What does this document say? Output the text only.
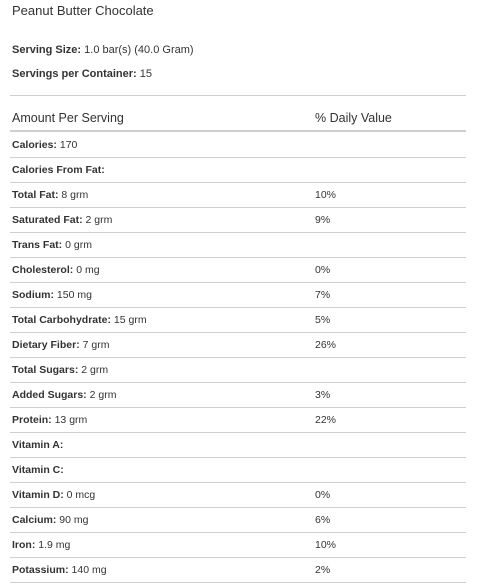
Peanut Butter Chocolate
Serving Size: 1.0 bar(s) (40.0 Gram)
Servings per Container: 15
Amount Per Serving	% Daily Value
Calories: 170
Calories From Fat:
Total Fat: 8 grm	10%
Saturated Fat: 2 grm	9%
Trans Fat: 0 grm
Cholesterol: 0 mg	0%
Sodium: 150 mg	7%
Total Carbohydrate: 15 grm	5%
Dietary Fiber: 7 grm	26%
Total Sugars: 2 grm
Added Sugars: 2 grm	3%
Protein: 13 grm	22%
Vitamin A:
Vitamin C:
Vitamin D: 0 mcg	0%
Calcium: 90 mg	6%
Iron: 1.9 mg	10%
Potassium: 140 mg	2%
